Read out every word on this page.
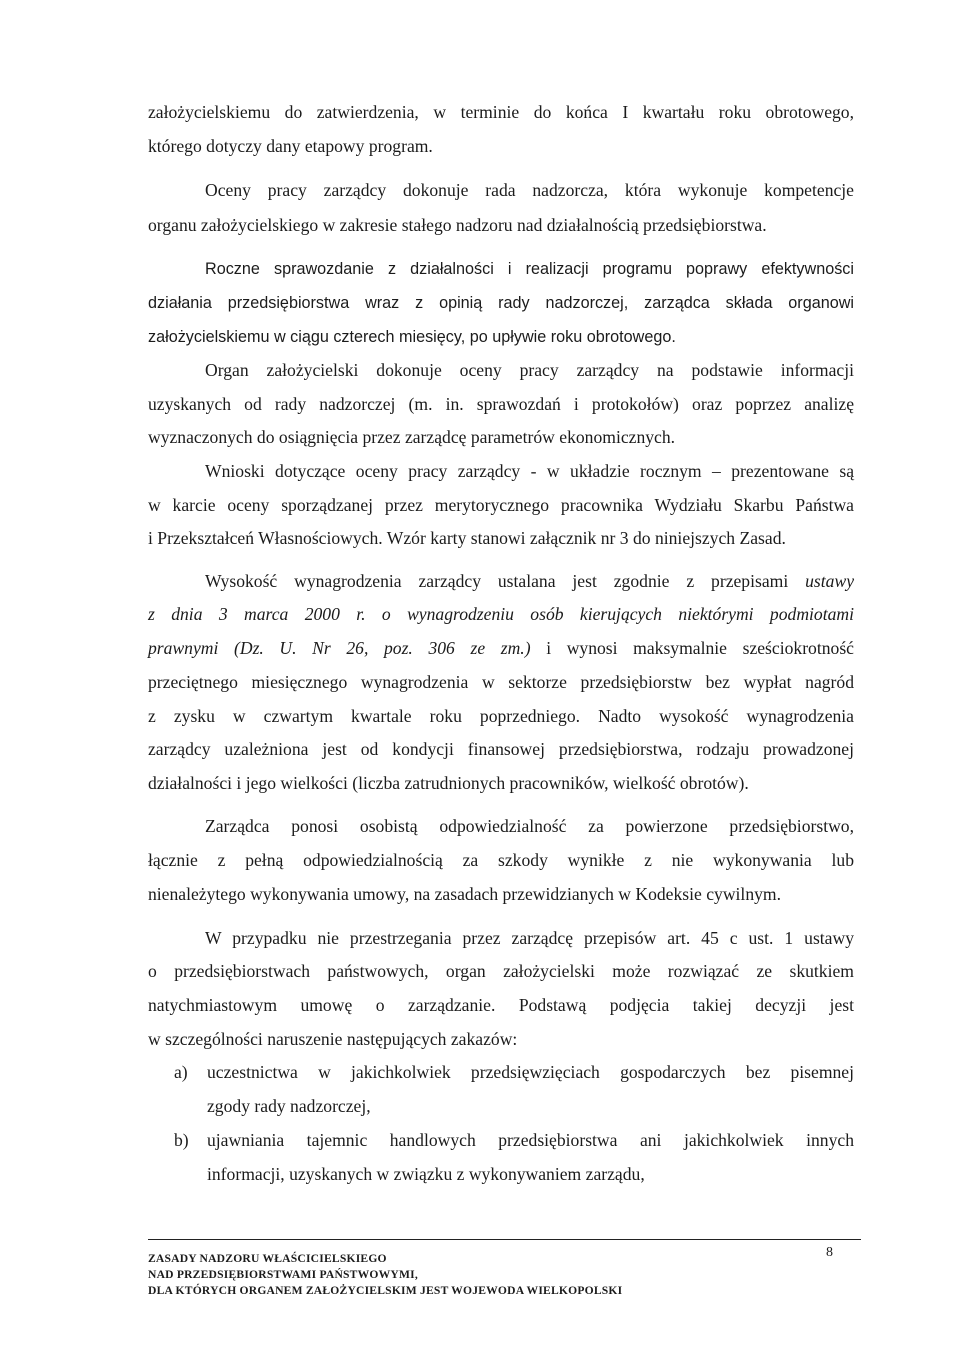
założycielskiemu do zatwierdzenia, w terminie do końca I kwartału roku obrotowego,
którego dotyczy dany etapowy program.
Oceny pracy zarządcy dokonuje rada nadzorcza, która wykonuje kompetencje
organu założycielskiego w zakresie stałego nadzoru nad działalnością przedsiębiorstwa.
Roczne sprawozdanie z działalności i realizacji programu poprawy efektywności
działania przedsiębiorstwa wraz z opinią rady nadzorczej, zarządca składa organowi
założycielskiemu w ciągu czterech miesięcy, po upływie roku obrotowego.
Organ założycielski dokonuje oceny pracy zarządcy na podstawie informacji
uzyskanych od rady nadzorczej (m. in. sprawozdań i protokołów) oraz poprzez analizę
wyznaczonych do osiągnięcia przez zarządcę parametrów ekonomicznych.
Wnioski dotyczące oceny pracy zarządcy - w układzie rocznym – prezentowane są
w karcie oceny sporządzanej przez merytorycznego pracownika Wydziału Skarbu Państwa
i Przekształceń Własnościowych. Wzór karty stanowi załącznik nr 3 do niniejszych Zasad.
Wysokość wynagrodzenia zarządcy ustalana jest zgodnie z przepisami ustawy
z dnia 3 marca 2000 r. o wynagrodzeniu osób kierujących niektórymi podmiotami
prawnymi (Dz. U. Nr 26, poz. 306 ze zm.) i wynosi maksymalnie sześciokrotność
przeciętnego miesięcznego wynagrodzenia w sektorze przedsiębiorstw bez wypłat nagród
z zysku w czwartym kwartale roku poprzedniego. Nadto wysokość wynagrodzenia
zarządcy uzależniona jest od kondycji finansowej przedsiębiorstwa, rodzaju prowadzonej
działalności i jego wielkości (liczba zatrudnionych pracowników, wielkość obrotów).
Zarządca ponosi osobistą odpowiedzialność za powierzone przedsiębiorstwo,
łącznie z pełną odpowiedzialnością za szkody wynikłe z nie wykonywania lub
nienależytego wykonywania umowy, na zasadach przewidzianych w Kodeksie cywilnym.
W przypadku nie przestrzegania przez zarządcę przepisów art. 45 c ust. 1 ustawy
o przedsiębiorstwach państwowych, organ założycielski może rozwiązać ze skutkiem
natychmiastowym umowę o zarządzanie. Podstawą podjęcia takiej decyzji jest
w szczególności naruszenie następujących zakazów:
a) uczestnictwa w jakichkolwiek przedsięwzięciach gospodarczych bez pisemnej
zgody rady nadzorczej,
b) ujawniania tajemnic handlowych przedsiębiorstwa ani jakichkolwiek innych
informacji, uzyskanych w związku z wykonywaniem zarządu,
ZASADY NADZORU WŁAŚCICIELSKIEGO
NAD PRZEDSIĘBIORSTWAMI PAŃSTWOWYMI,
DLA KTÓRYCH ORGANEM ZAŁOŻYCIELSKIM JEST WOJEWODA WIELKOPOLSKI
8
